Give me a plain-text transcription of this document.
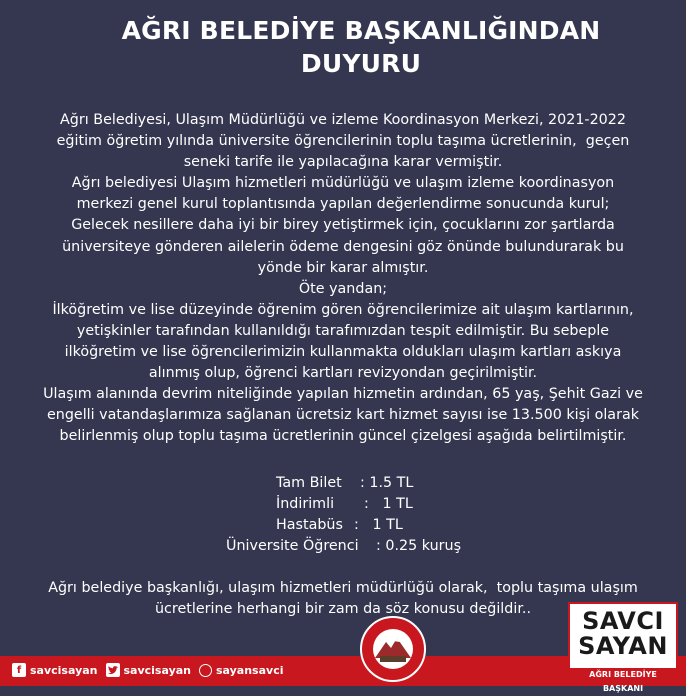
AĞRI BELEDİYE BAŞKANLIĞINDAN
DUYURU

Ağrı Belediyesi, Ulaşım Müdürlüğü ve izleme Koordinasyon Merkezi, 2021-2022

eğitim öğretim yılında üniversite öğrencilerinin toplu taşıma ücretlerinin,  geçen

seneki tarife ile yapılacağına karar vermiştir.

Ağrı belediyesi Ulaşım hizmetleri müdürlüğü ve ulaşım izleme koordinasyon

merkezi genel kurul toplantısında yapılan değerlendirme sonucunda kurul;

Gelecek nesillere daha iyi bir birey yetiştirmek için, çocuklarını zor şartlarda

üniversiteye gönderen ailelerin ödeme dengesini göz önünde bulundurarak bu

yönde bir karar almıştır.

Öte yandan;

İlköğretim ve lise düzeyinde öğrenim gören öğrencilerimize ait ulaşım kartlarının,

yetişkinler tarafından kullanıldığı tarafımızdan tespit edilmiştir. Bu sebeple

ilköğretim ve lise öğrencilerimizin kullanmakta oldukları ulaşım kartları askıya

alınmış olup, öğrenci kartları revizyondan geçirilmiştir.

Ulaşım alanında devrim niteliğinde yapılan hizmetin ardından, 65 yaş, Şehit Gazi ve

engelli vatandaşlarımıza sağlanan ücretsiz kart hizmet sayısı ise 13.500 kişi olarak

belirlenmiş olup toplu taşıma ücretlerinin güncel çizelgesi aşağıda belirtilmiştir.

Tam Bilet : 1.5 TL
İndirimli :   1 TL
Hastabüs :   1 TL
Üniversite Öğrenci : 0.25 kuruş

Ağrı belediye başkanlığı, ulaşım hizmetleri müdürlüğü olarak,  toplu taşıma ulaşım

ücretlerine herhangi bir zam da söz konusu değildir..

f savcisayan savcisayan sayansavci
SAVCI
SAYAN
AĞRI BELEDİYE BAŞKANI
